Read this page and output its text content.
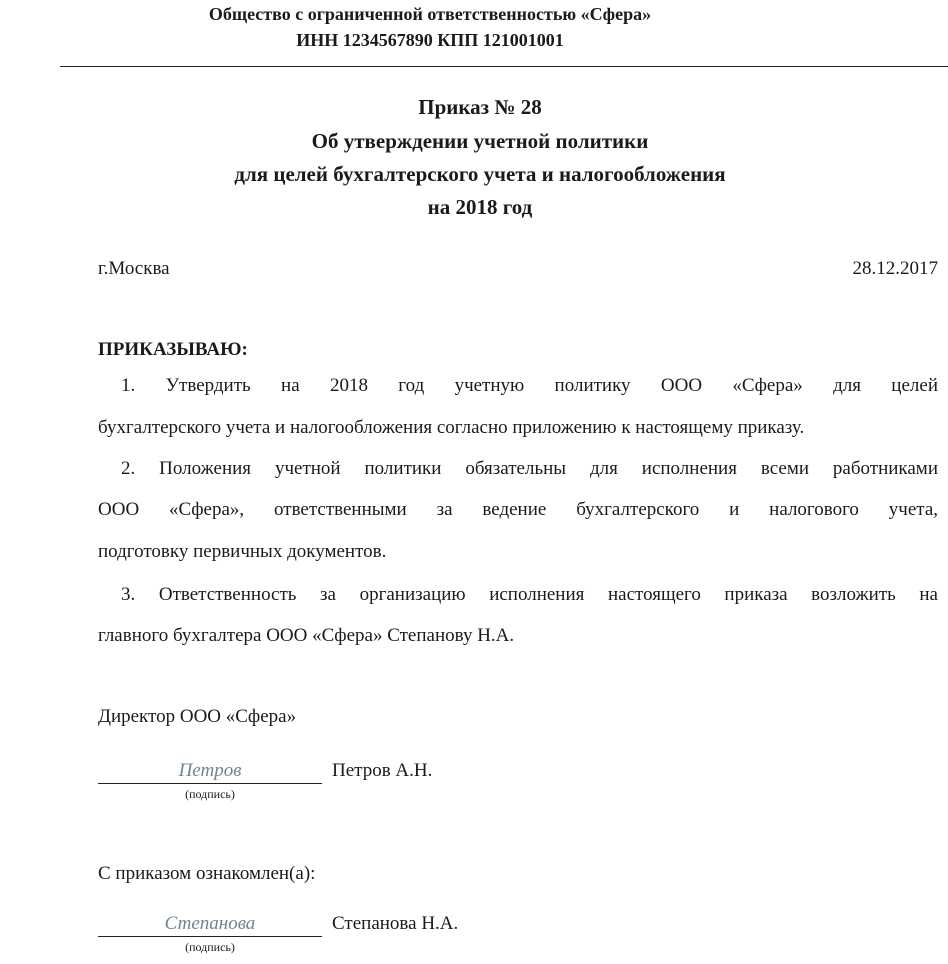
Общество с ограниченной ответственностью «Сфера»
ИНН 1234567890 КПП 121001001
Приказ № 28
Об утверждении учетной политики
для целей бухгалтерского учета и налогообложения
на 2018 год
г.Москва	28.12.2017
ПРИКАЗЫВАЮ:
1. Утвердить на 2018 год учетную политику ООО «Сфера» для целей
бухгалтерского учета и налогообложения согласно приложению к настоящему приказу.
2. Положения учетной политики обязательны для исполнения всеми работниками
ООО «Сфера», ответственными за ведение бухгалтерского и налогового учета,
подготовку первичных документов.
3. Ответственность за организацию исполнения настоящего приказа возложить на
главного бухгалтера ООО «Сфера» Степанову Н.А.
Директор ООО «Сфера»
Петров
(подпись)
Петров А.Н.
С приказом ознакомлен(а):
Степанова
(подпись)
Степанова Н.А.
